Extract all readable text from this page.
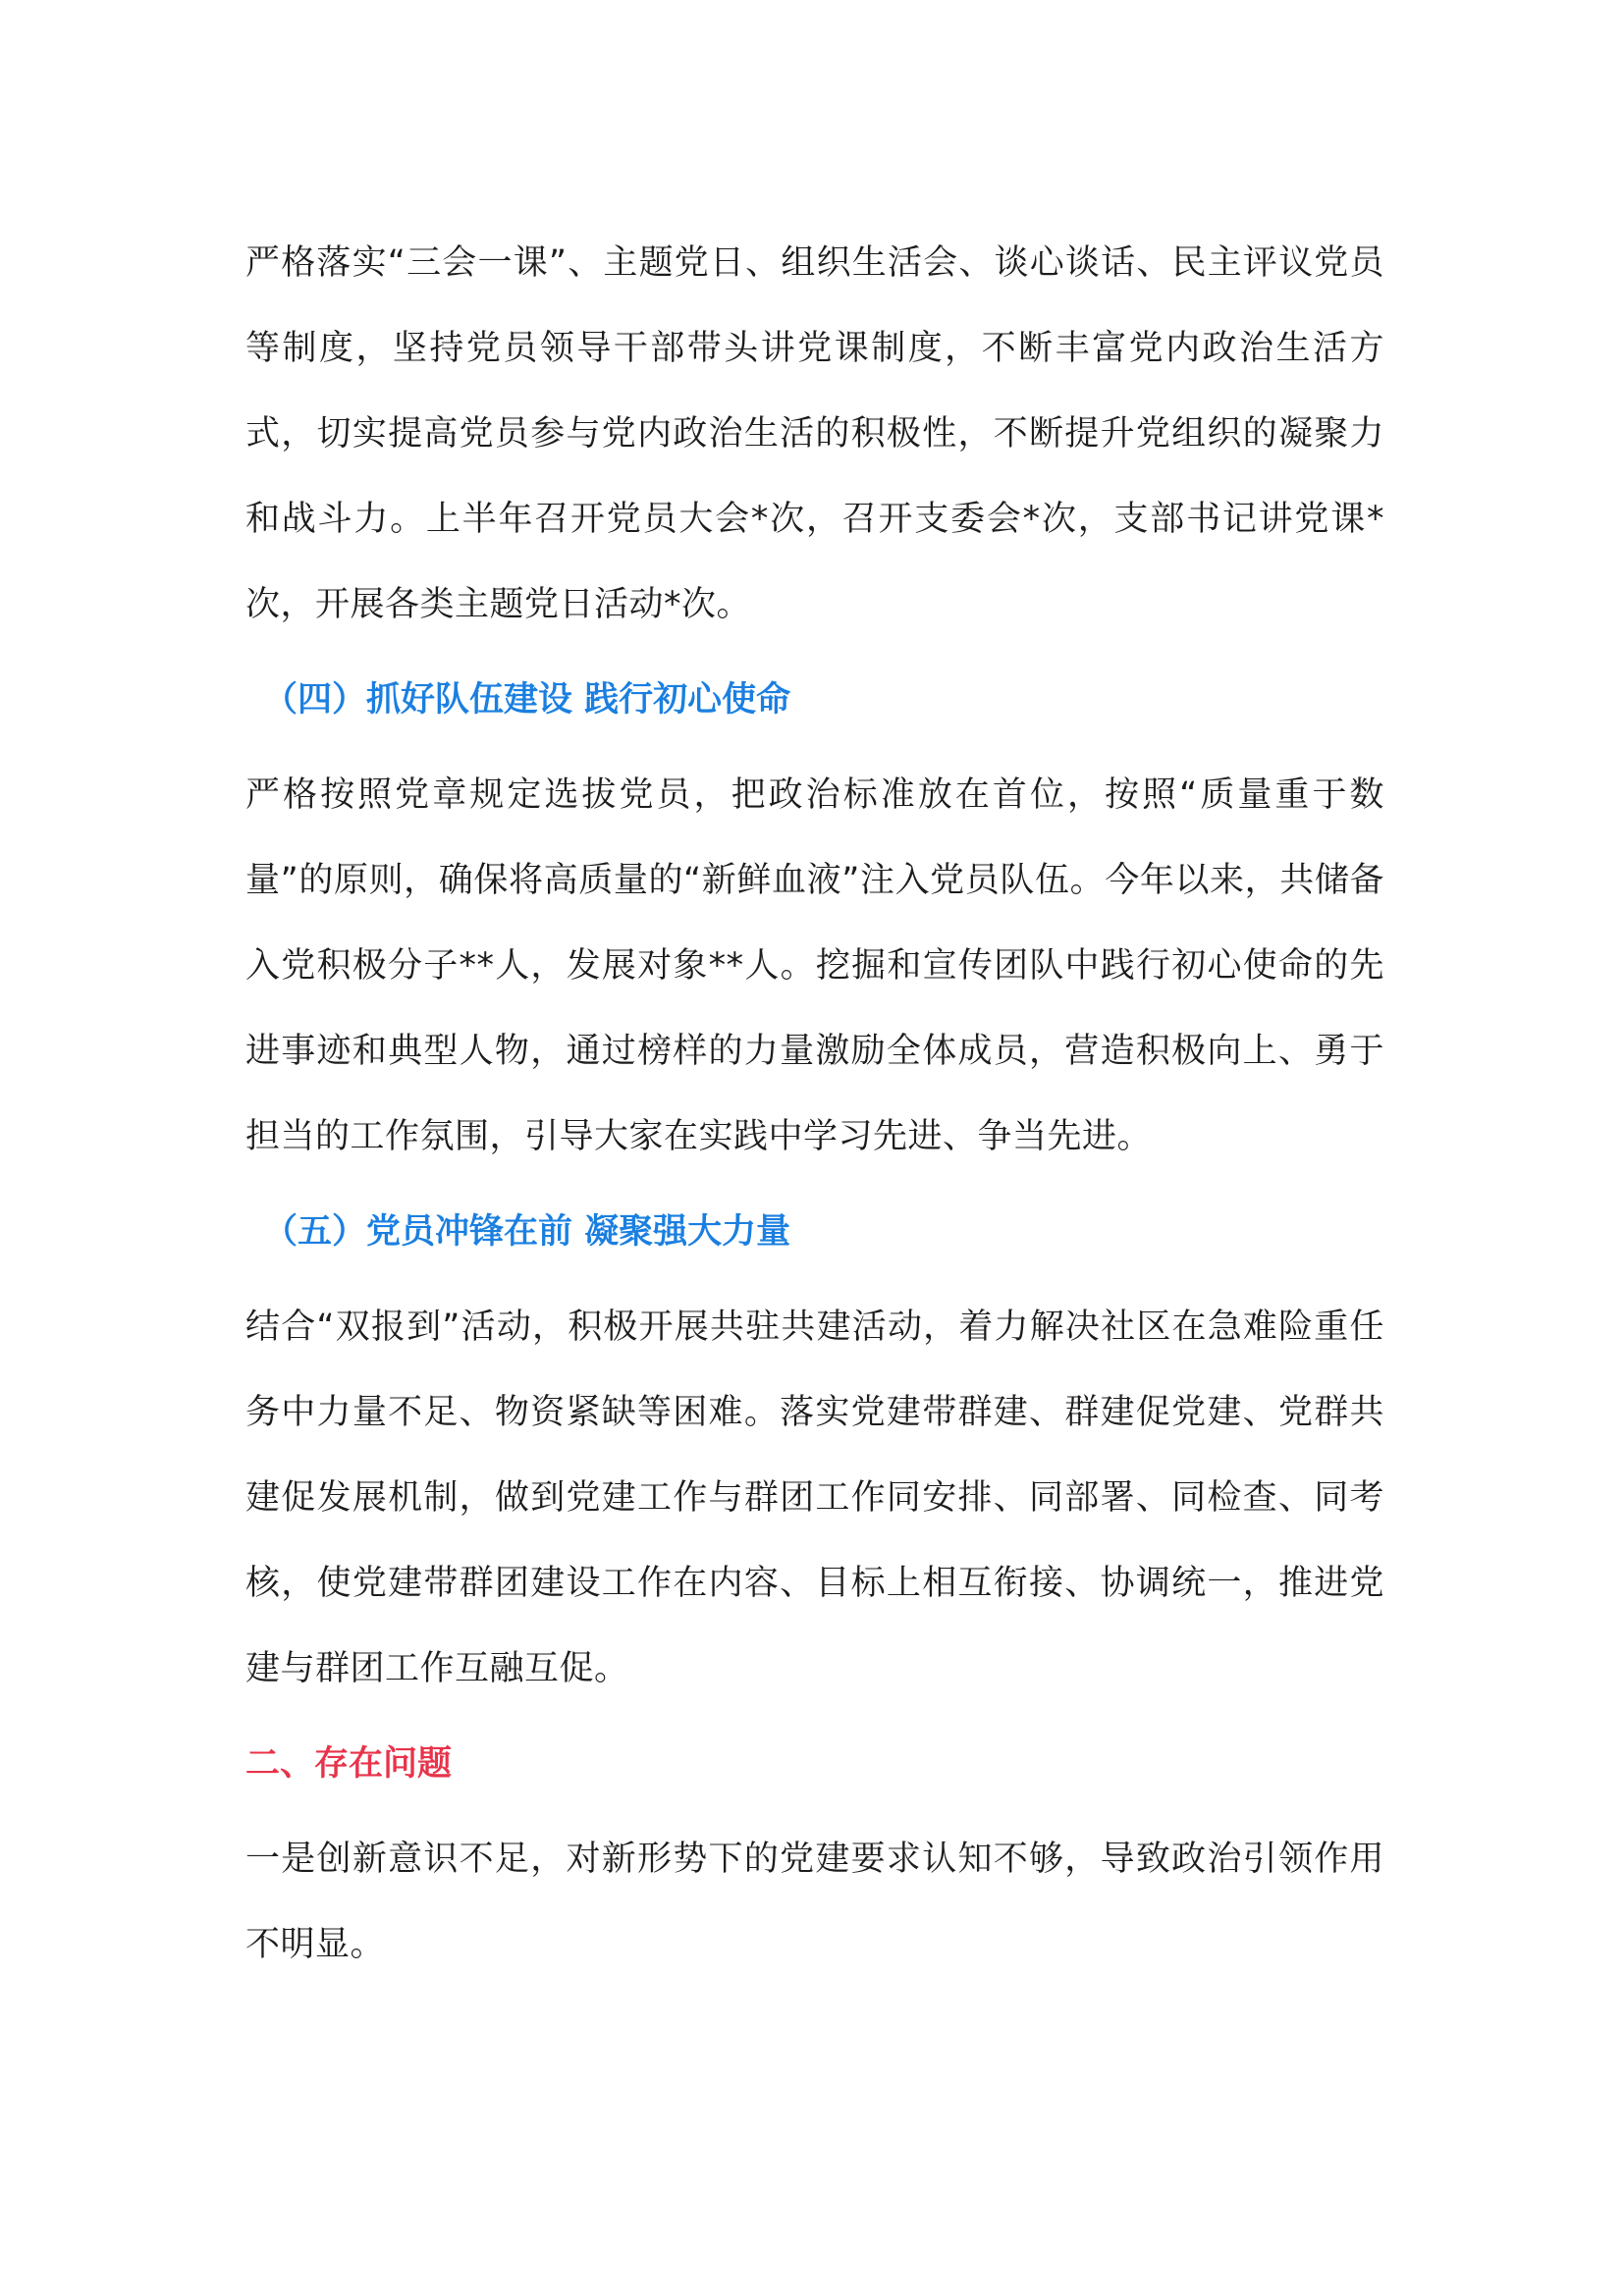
严格落实“三会一课”、主题党日、组织生活会、谈心谈话、民主评议党员等制度，坚持党员领导干部带头讲党课制度，不断丰富党内政治生活方式，切实提高党员参与党内政治生活的积极性，不断提升党组织的凝聚力和战斗力。上半年召开党员大会*次，召开支委会*次，支部书记讲党课*次，开展各类主题党日活动*次。

（四）抓好队伍建设 践行初心使命

严格按照党章规定选拔党员，把政治标准放在首位，按照“质量重于数量”的原则，确保将高质量的“新鲜血液”注入党员队伍。今年以来，共储备入党积极分子**人，发展对象**人。挖掘和宣传团队中践行初心使命的先进事迹和典型人物，通过榜样的力量激励全体成员，营造积极向上、勇于担当的工作氛围，引导大家在实践中学习先进、争当先进。

（五）党员冲锋在前 凝聚强大力量

结合“双报到”活动，积极开展共驻共建活动，着力解决社区在急难险重任务中力量不足、物资紧缺等困难。落实党建带群建、群建促党建、党群共建促发展机制，做到党建工作与群团工作同安排、同部署、同检查、同考核，使党建带群团建设工作在内容、目标上相互衔接、协调统一，推进党建与群团工作互融互促。

二、存在问题

一是创新意识不足，对新形势下的党建要求认知不够，导致政治引领作用不明显。
